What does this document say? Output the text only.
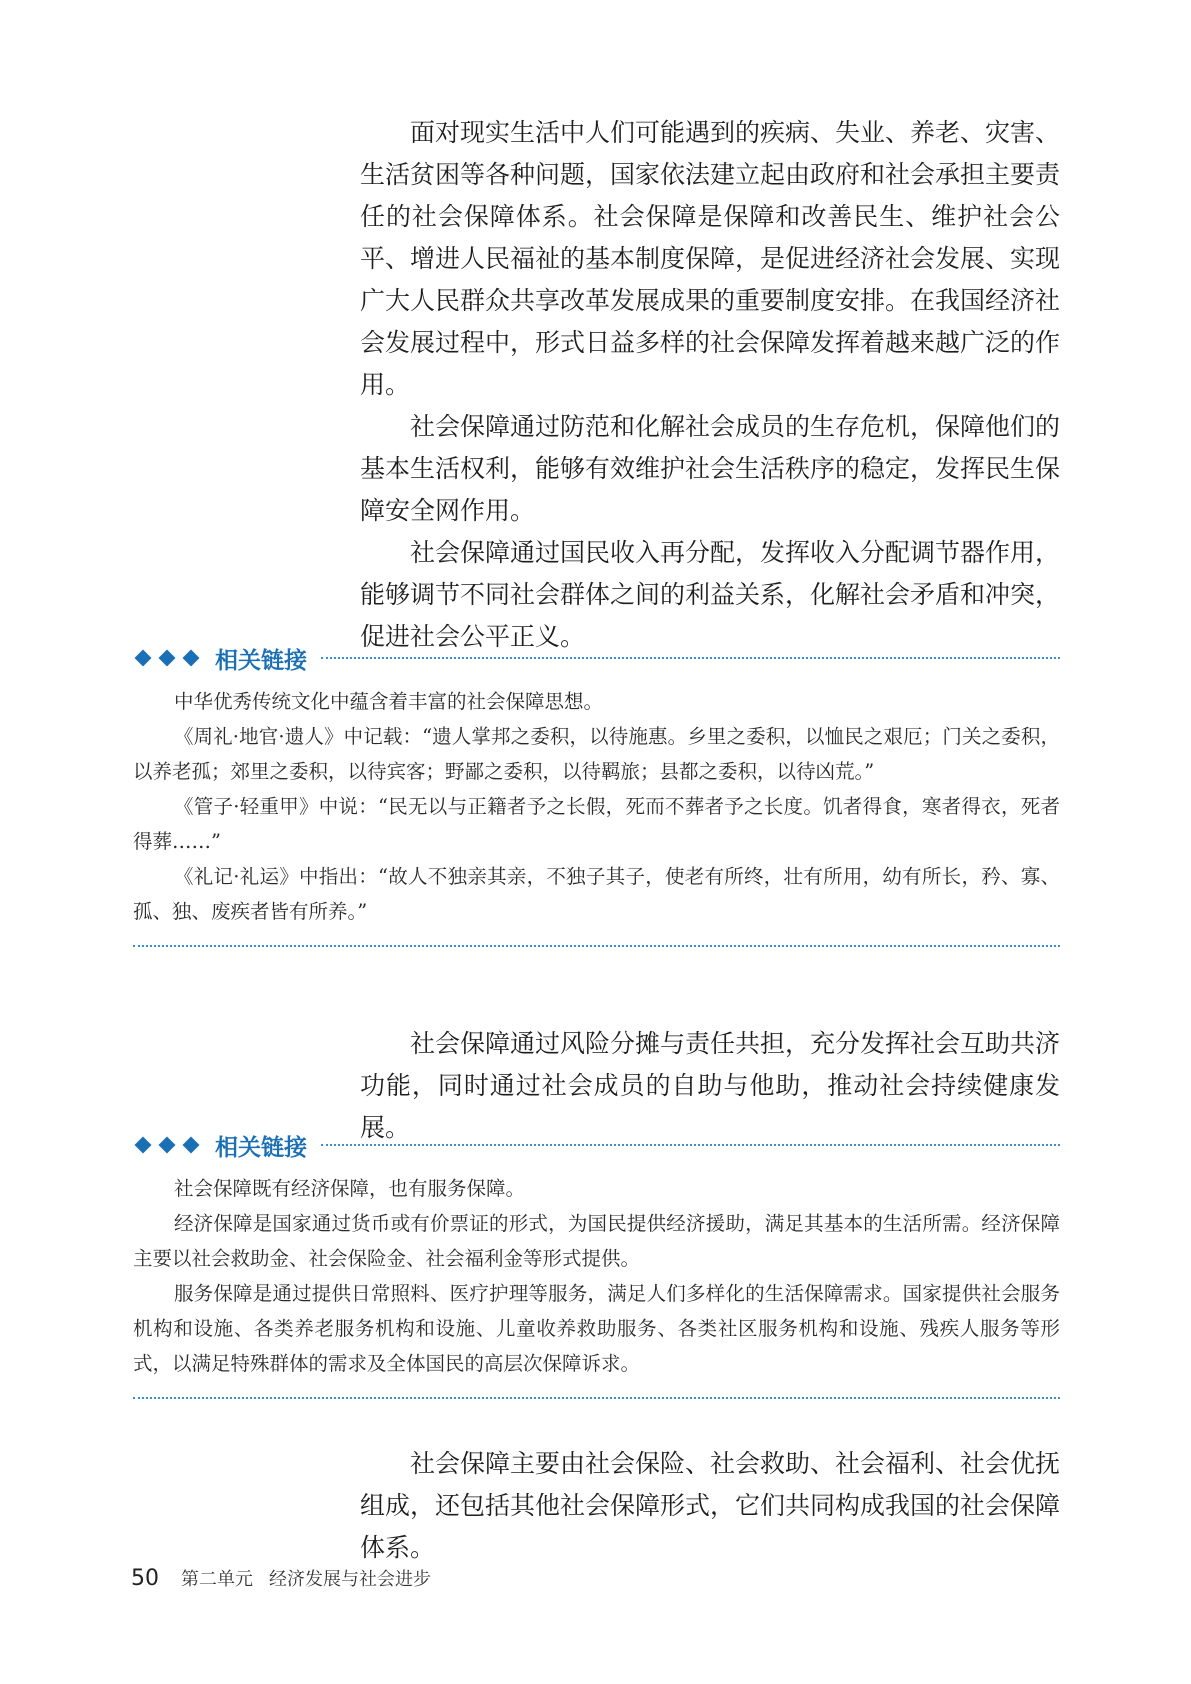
面对现实生活中人们可能遇到的疾病、失业、养老、灾害、生活贫困等各种问题，国家依法建立起由政府和社会承担主要责任的社会保障体系。社会保障是保障和改善民生、维护社会公平、增进人民福祉的基本制度保障，是促进经济社会发展、实现广大人民群众共享改革发展成果的重要制度安排。在我国经济社会发展过程中，形式日益多样的社会保障发挥着越来越广泛的作用。

社会保障通过防范和化解社会成员的生存危机，保障他们的基本生活权利，能够有效维护社会生活秩序的稳定，发挥民生保障安全网作用。

社会保障通过国民收入再分配，发挥收入分配调节器作用，能够调节不同社会群体之间的利益关系，化解社会矛盾和冲突，促进社会公平正义。

相关链接

中华优秀传统文化中蕴含着丰富的社会保障思想。

《周礼·地官·遗人》中记载：“遗人掌邦之委积，以待施惠。乡里之委积，以恤民之艰厄；门关之委积，以养老孤；郊里之委积，以待宾客；野鄙之委积，以待羁旅；县都之委积，以待凶荒。”

《管子·轻重甲》中说：“民无以与正籍者予之长假，死而不葬者予之长度。饥者得食，寒者得衣，死者得葬……”

《礼记·礼运》中指出：“故人不独亲其亲，不独子其子，使老有所终，壮有所用，幼有所长，矜、寡、孤、独、废疾者皆有所养。”

社会保障通过风险分摊与责任共担，充分发挥社会互助共济功能，同时通过社会成员的自助与他助，推动社会持续健康发展。

相关链接

社会保障既有经济保障，也有服务保障。

经济保障是国家通过货币或有价票证的形式，为国民提供经济援助，满足其基本的生活所需。经济保障主要以社会救助金、社会保险金、社会福利金等形式提供。

服务保障是通过提供日常照料、医疗护理等服务，满足人们多样化的生活保障需求。国家提供社会服务机构和设施、各类养老服务机构和设施、儿童收养救助服务、各类社区服务机构和设施、残疾人服务等形式，以满足特殊群体的需求及全体国民的高层次保障诉求。

社会保障主要由社会保险、社会救助、社会福利、社会优抚组成，还包括其他社会保障形式，它们共同构成我国的社会保障体系。

50 第二单元 经济发展与社会进步
